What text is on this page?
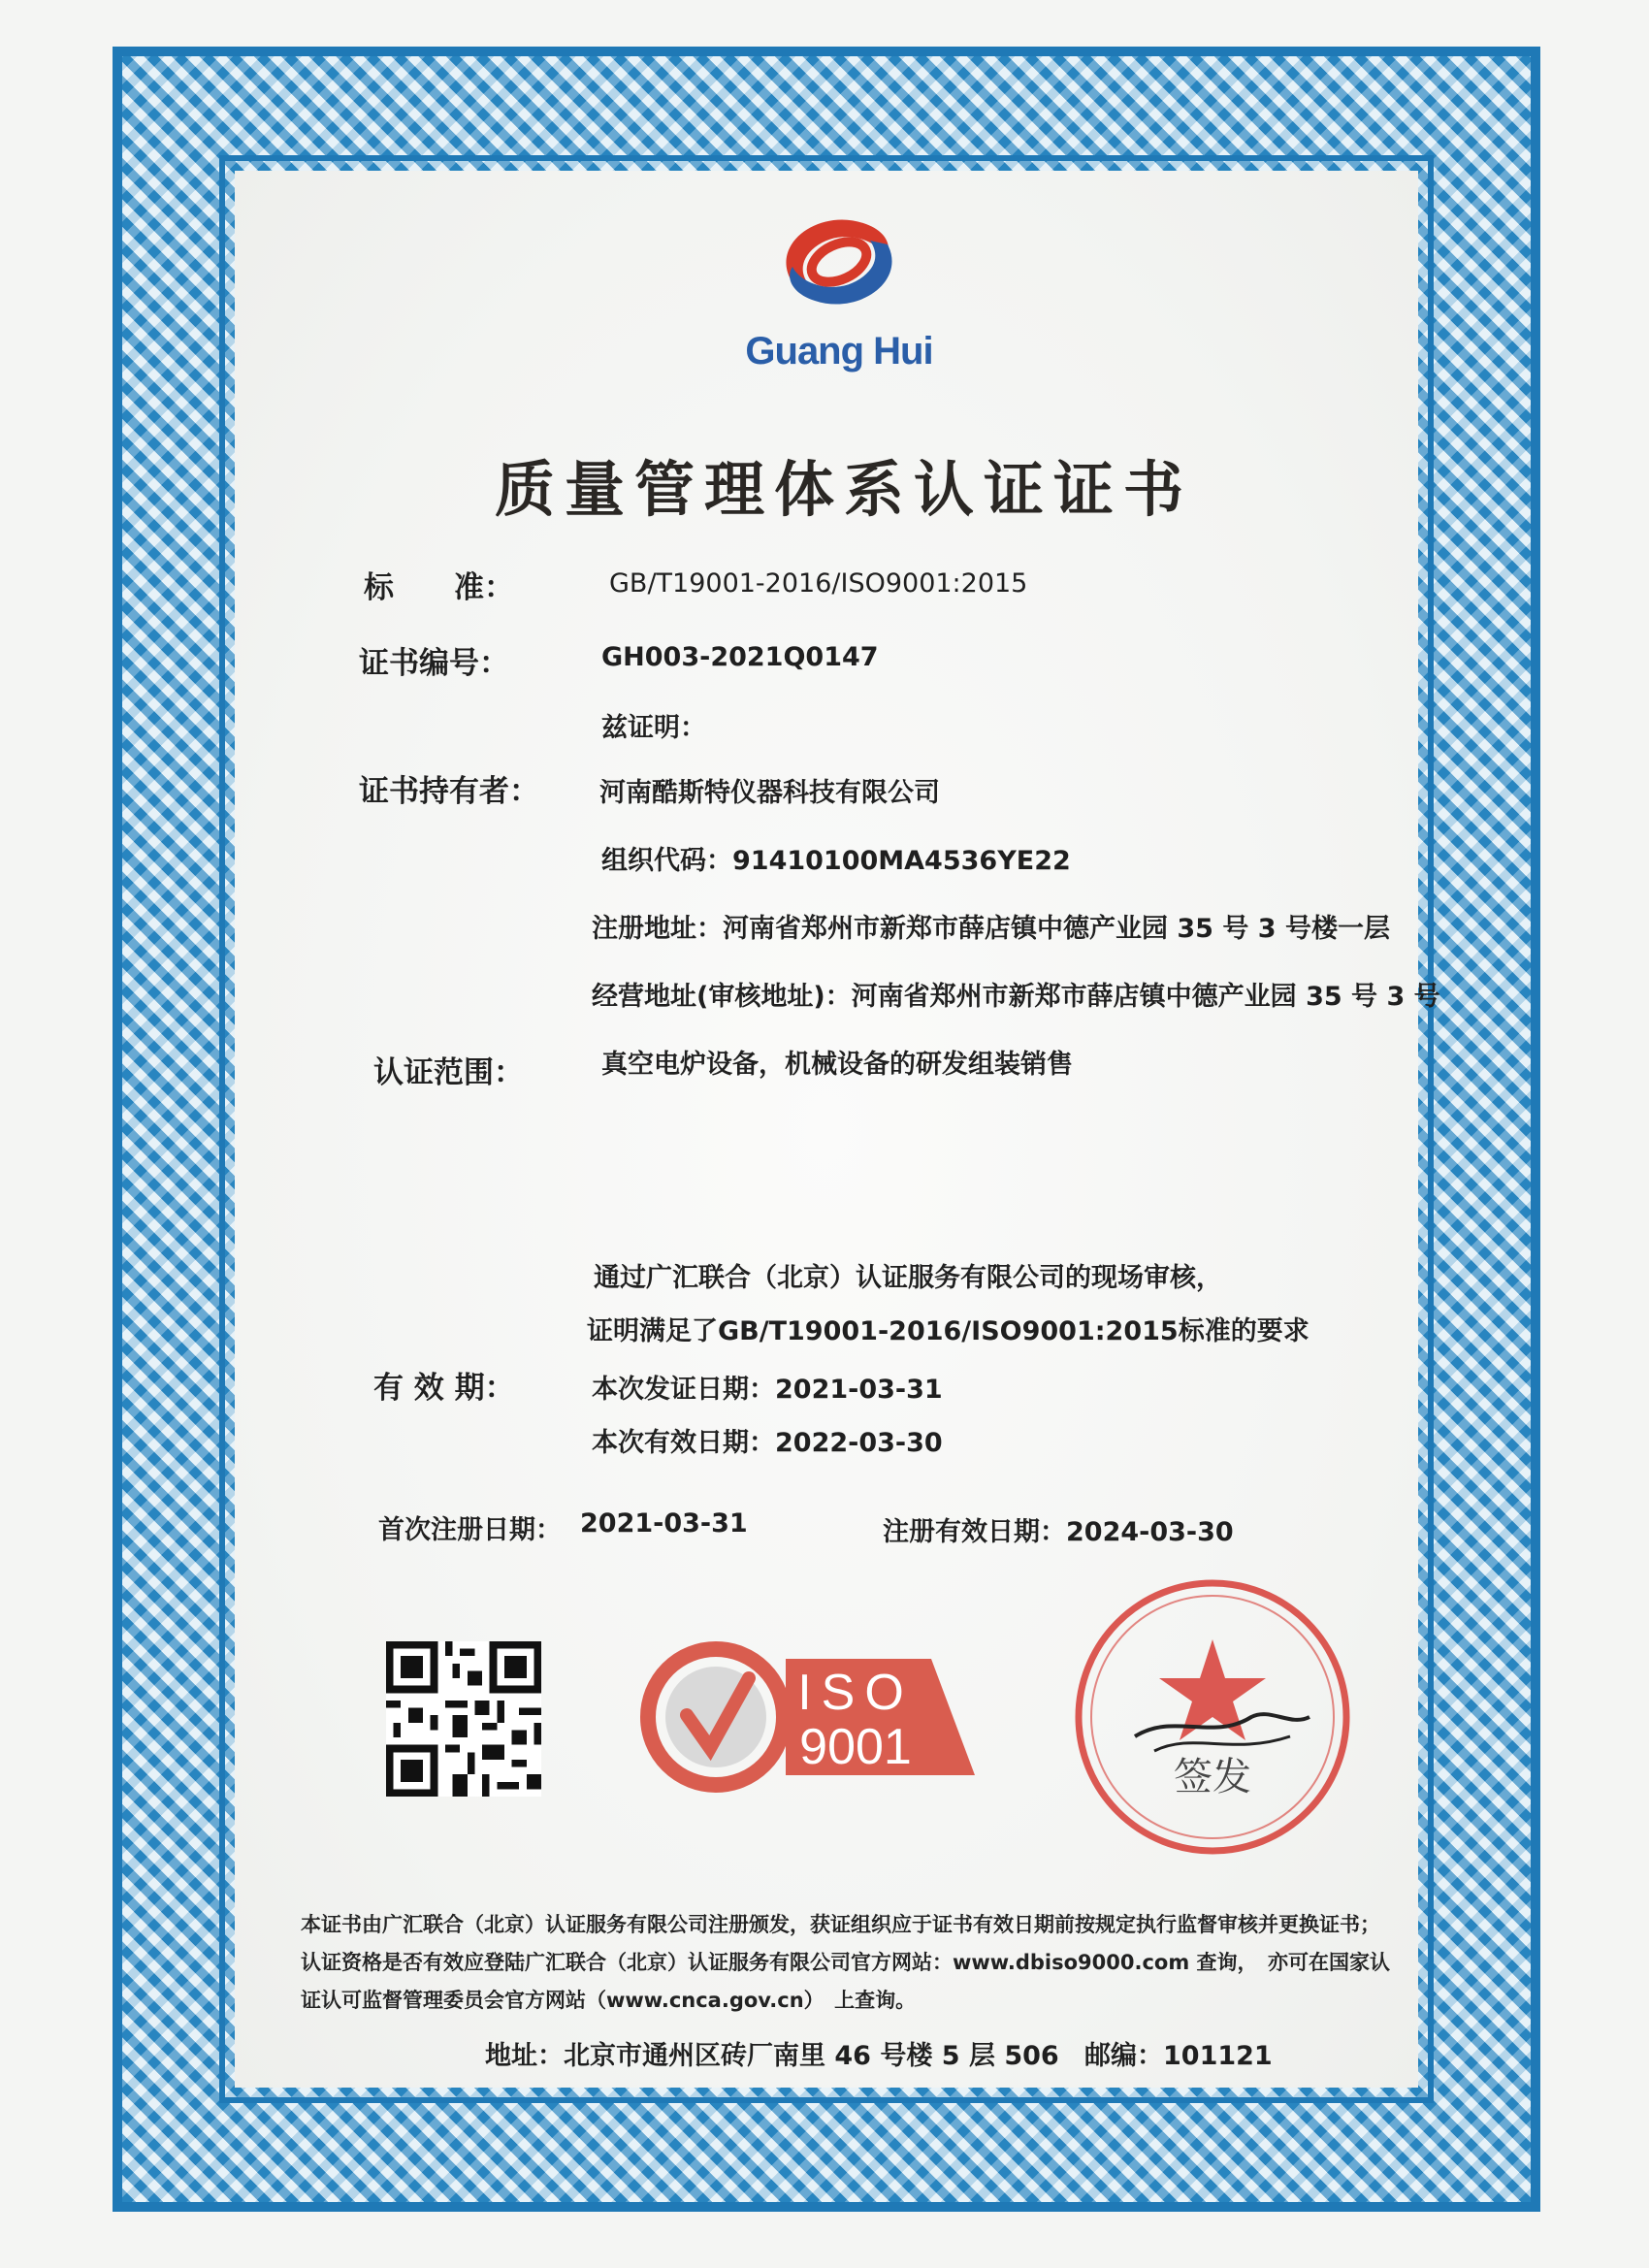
Guang Hui
质量管理体系认证证书
标　　准：	GB/T19001-2016/ISO9001:2015
证书编号：	GH003-2021Q0147
兹证明：
证书持有者： 河南酷斯特仪器科技有限公司
组织代码：91410100MA4536YE22
注册地址：河南省郑州市新郑市薛店镇中德产业园 35 号 3 号楼一层
经营地址(审核地址)：河南省郑州市新郑市薛店镇中德产业园 35 号 3 号
认证范围：	真空电炉设备，机械设备的研发组装销售
通过广汇联合（北京）认证服务有限公司的现场审核，
证明满足了GB/T19001-2016/ISO9001:2015标准的要求
有 效 期：	本次发证日期：2021-03-31
本次有效日期：2022-03-30
首次注册日期： 2021-03-31	注册有效日期：2024-03-30
ISO
9001
签发
本证书由广汇联合（北京）认证服务有限公司注册颁发，获证组织应于证书有效日期前按规定执行监督审核并更换证书；
认证资格是否有效应登陆广汇联合（北京）认证服务有限公司官方网站：www.dbiso9000.com 查询，　亦可在国家认
证认可监督管理委员会官方网站（www.cnca.gov.cn）　上查询。
地址：北京市通州区砖厂南里 46 号楼 5 层 506 邮编：101121
